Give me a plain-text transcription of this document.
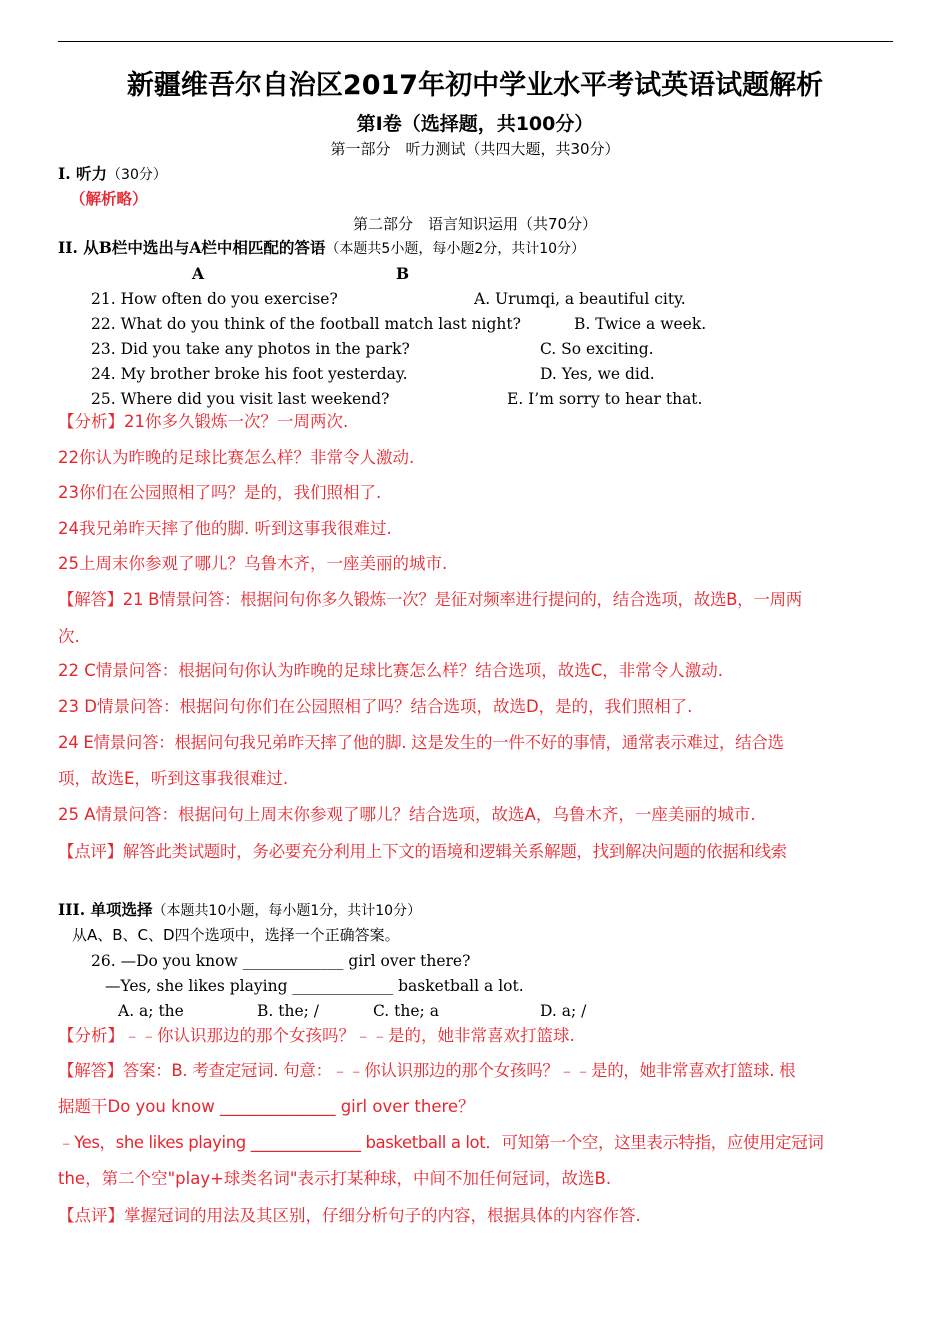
新疆维吾尔自治区2017年初中学业水平考试英语试题解析
第Ⅰ卷（选择题，共100分）
第一部分　听力测试（共四大题，共30分）
I. 听力（30分）
（解析略）
第二部分　语言知识运用（共70分）
II. 从B栏中选出与A栏中相匹配的答语（本题共5小题，每小题2分，共计10分）
A	B
21. How often do you exercise?	A. Urumqi, a beautiful city.
22. What do you think of the football match last night?	B. Twice a week.
23. Did you take any photos in the park?	C. So exciting.
24. My brother broke his foot yesterday.	D. Yes, we did.
25. Where did you visit last weekend?	E. I’m sorry to hear that.
【分析】21你多久锻炼一次？一周两次.
22你认为昨晚的足球比赛怎么样？非常令人激动.
23你们在公园照相了吗？是的，我们照相了.
24我兄弟昨天摔了他的脚. 听到这事我很难过.
25上周末你参观了哪儿？乌鲁木齐，一座美丽的城市.
【解答】21 B情景问答：根据问句你多久锻炼一次？是征对频率进行提问的，结合选项，故选B，一周两
次.
22 C情景问答：根据问句你认为昨晚的足球比赛怎么样？结合选项，故选C，非常令人激动.
23 D情景问答：根据问句你们在公园照相了吗？结合选项，故选D，是的，我们照相了.
24 E情景问答：根据问句我兄弟昨天摔了他的脚. 这是发生的一件不好的事情，通常表示难过，结合选
项，故选E，听到这事我很难过.
25 A情景问答：根据问句上周末你参观了哪儿？结合选项，故选A，乌鲁木齐，一座美丽的城市.
【点评】解答此类试题时，务必要充分利用上下文的语境和逻辑关系解题，找到解决问题的依据和线索
III. 单项选择（本题共10小题，每小题1分，共计10分）
从A、B、C、D四个选项中，选择一个正确答案。
26. —Do you know _____________ girl over there?
—Yes, she likes playing _____________ basketball a lot.
A. a; the	B. the; /	C. the; a	D. a; /
【分析】﹣﹣你认识那边的那个女孩吗？﹣﹣是的，她非常喜欢打篮球.
【解答】答案：B. 考查定冠词. 句意：﹣﹣你认识那边的那个女孩吗？﹣﹣是的，她非常喜欢打篮球. 根
据题干Do you know ______________ girl over there？
﹣Yes，she likes playing ______________ basketball a lot．可知第一个空，这里表示特指，应使用定冠词
the，第二个空"play+球类名词"表示打某种球，中间不加任何冠词，故选B.
【点评】掌握冠词的用法及其区别，仔细分析句子的内容，根据具体的内容作答.
